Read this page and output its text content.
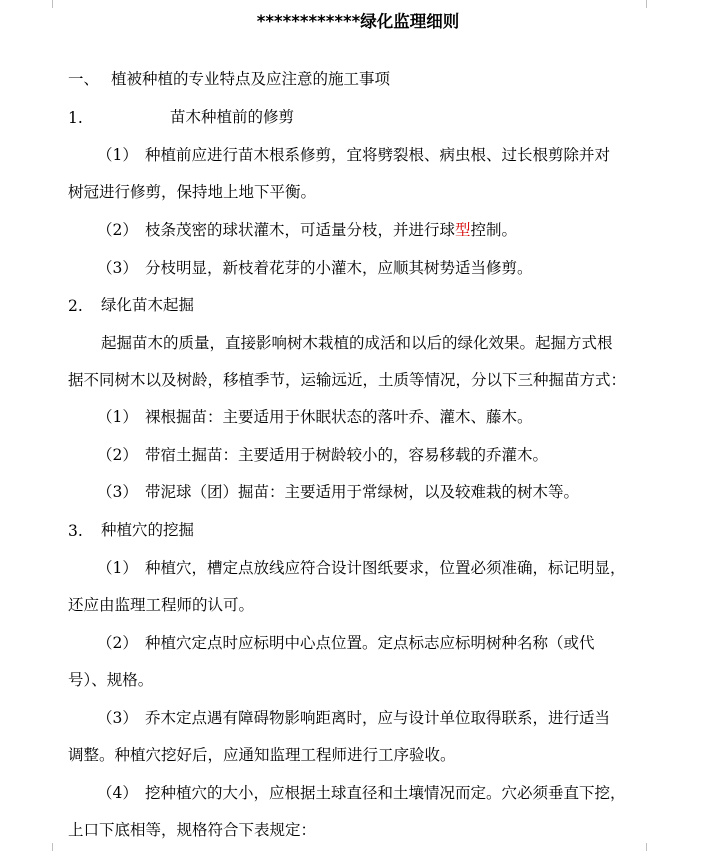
************绿化监理细则
一、 植被种植的专业特点及应注意的施工事项
1.	苗木种植前的修剪
（1） 种植前应进行苗木根系修剪，宜将劈裂根、病虫根、过长根剪除并对
树冠进行修剪，保持地上地下平衡。
（2） 枝条茂密的球状灌木，可适量分枝，并进行球型控制。
（3） 分枝明显，新枝着花芽的小灌木，应顺其树势适当修剪。
2. 绿化苗木起掘
起掘苗木的质量，直接影响树木栽植的成活和以后的绿化效果。起掘方式根
据不同树木以及树龄，移植季节，运输远近，土质等情况，分以下三种掘苗方式：
（1） 裸根掘苗：主要适用于休眠状态的落叶乔、灌木、藤木。
（2） 带宿土掘苗：主要适用于树龄较小的，容易移载的乔灌木。
（3） 带泥球（团）掘苗：主要适用于常绿树，以及较难栽的树木等。
3. 种植穴的挖掘
（1） 种植穴，槽定点放线应符合设计图纸要求，位置必须准确，标记明显，
还应由监理工程师的认可。
（2） 种植穴定点时应标明中心点位置。定点标志应标明树种名称（或代
号）、规格。
（3） 乔木定点遇有障碍物影响距离时，应与设计单位取得联系，进行适当
调整。种植穴挖好后，应通知监理工程师进行工序验收。
（4） 挖种植穴的大小，应根据土球直径和土壤情况而定。穴必须垂直下挖，
上口下底相等，规格符合下表规定：
